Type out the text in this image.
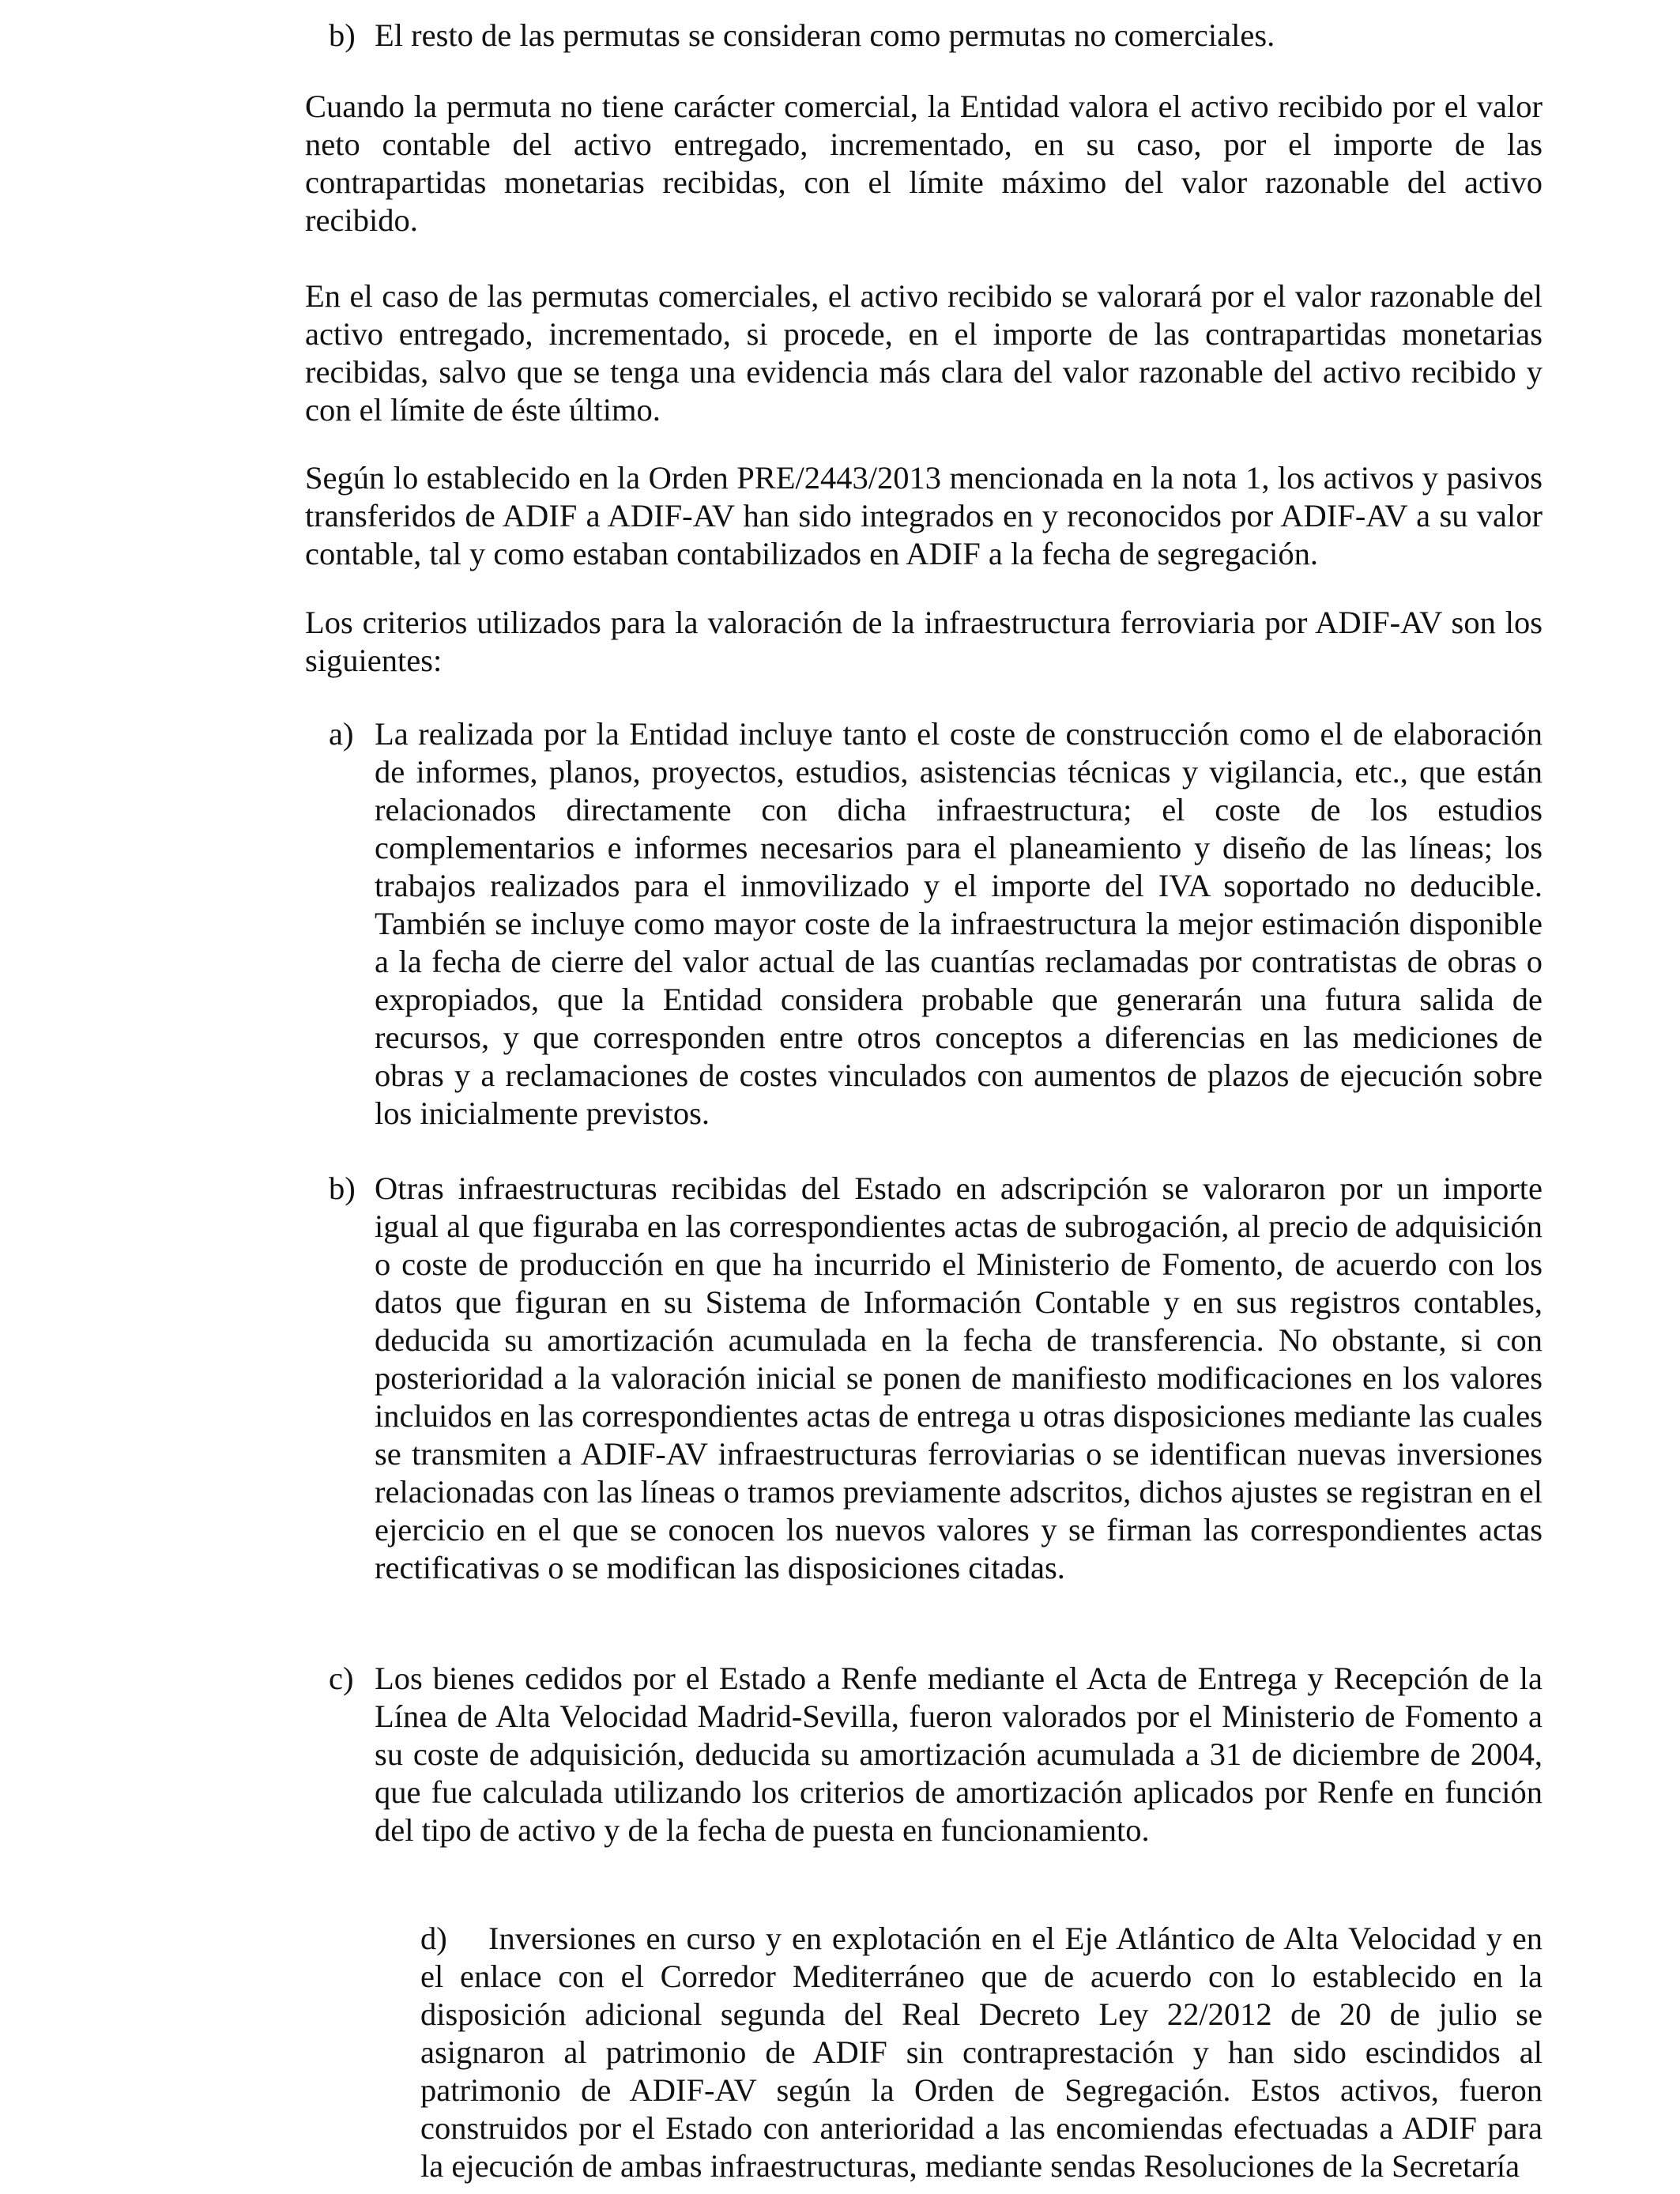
b) El resto de las permutas se consideran como permutas no comerciales.

Cuando la permuta no tiene carácter comercial, la Entidad valora el activo recibido por el valor neto contable del activo entregado, incrementado, en su caso, por el importe de las contrapartidas monetarias recibidas, con el límite máximo del valor razonable del activo recibido.

En el caso de las permutas comerciales, el activo recibido se valorará por el valor razonable del activo entregado, incrementado, si procede, en el importe de las contrapartidas monetarias recibidas, salvo que se tenga una evidencia más clara del valor razonable del activo recibido y con el límite de éste último.

Según lo establecido en la Orden PRE/2443/2013 mencionada en la nota 1, los activos y pasivos transferidos de ADIF a ADIF-AV han sido integrados en y reconocidos por ADIF-AV a su valor contable, tal y como estaban contabilizados en ADIF a la fecha de segregación.

Los criterios utilizados para la valoración de la infraestructura ferroviaria por ADIF-AV son los siguientes:

a) La realizada por la Entidad incluye tanto el coste de construcción como el de elaboración de informes, planos, proyectos, estudios, asistencias técnicas y vigilancia, etc., que están relacionados directamente con dicha infraestructura; el coste de los estudios complementarios e informes necesarios para el planeamiento y diseño de las líneas; los trabajos realizados para el inmovilizado y el importe del IVA soportado no deducible. También se incluye como mayor coste de la infraestructura la mejor estimación disponible a la fecha de cierre del valor actual de las cuantías reclamadas por contratistas de obras o expropiados, que la Entidad considera probable que generarán una futura salida de recursos, y que corresponden entre otros conceptos a diferencias en las mediciones de obras y a reclamaciones de costes vinculados con aumentos de plazos de ejecución sobre los inicialmente previstos.
b) Otras infraestructuras recibidas del Estado en adscripción se valoraron por un importe igual al que figuraba en las correspondientes actas de subrogación, al precio de adquisición o coste de producción en que ha incurrido el Ministerio de Fomento, de acuerdo con los datos que figuran en su Sistema de Información Contable y en sus registros contables, deducida su amortización acumulada en la fecha de transferencia. No obstante, si con posterioridad a la valoración inicial se ponen de manifiesto modificaciones en los valores incluidos en las correspondientes actas de entrega u otras disposiciones mediante las cuales se transmiten a ADIF-AV infraestructuras ferroviarias o se identifican nuevas inversiones relacionadas con las líneas o tramos previamente adscritos, dichos ajustes se registran en el ejercicio en el que se conocen los nuevos valores y se firman las correspondientes actas rectificativas o se modifican las disposiciones citadas.
c) Los bienes cedidos por el Estado a Renfe mediante el Acta de Entrega y Recepción de la Línea de Alta Velocidad Madrid-Sevilla, fueron valorados por el Ministerio de Fomento a su coste de adquisición, deducida su amortización acumulada a 31 de diciembre de 2004, que fue calculada utilizando los criterios de amortización aplicados por Renfe en función del tipo de activo y de la fecha de puesta en funcionamiento.

d) Inversiones en curso y en explotación en el Eje Atlántico de Alta Velocidad y en el enlace con el Corredor Mediterráneo que de acuerdo con lo establecido en la disposición adicional segunda del Real Decreto Ley 22/2012 de 20 de julio se asignaron al patrimonio de ADIF sin contraprestación y han sido escindidos al patrimonio de ADIF-AV según la Orden de Segregación. Estos activos, fueron construidos por el Estado con anterioridad a las encomiendas efectuadas a ADIF para la ejecución de ambas infraestructuras, mediante sendas Resoluciones de la Secretaría
